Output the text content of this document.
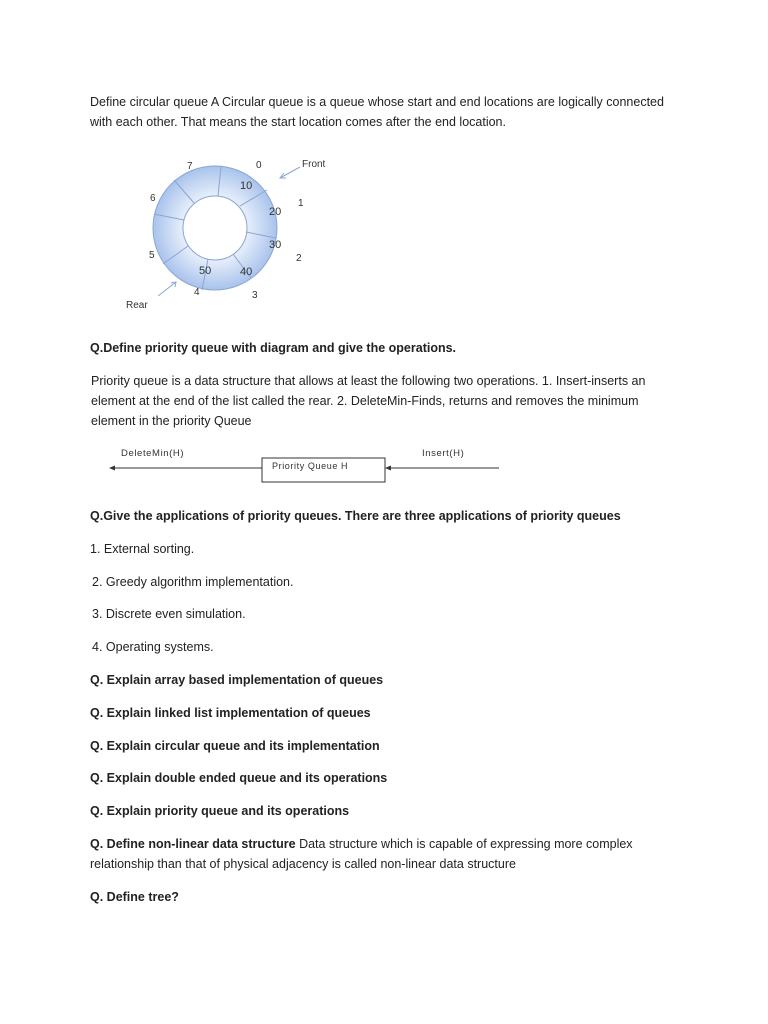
Define circular queue A Circular queue is a queue whose start and end locations are logically connected with each other. That means the start location comes after the end location.

0
1
2
3
4
5
6
7
10
20
30
40
50
Front
Rear

Q.Define priority queue with diagram and give the operations.

Priority queue is a data structure that allows at least the following two operations. 1. Insert-inserts an element at the end of the list called the rear. 2. DeleteMin-Finds, returns and removes the minimum element in the priority Queue

DeleteMin(H)	Insert(H)
Priority Queue H

Q.Give the applications of priority queues. There are three applications of priority queues

1. External sorting.

2. Greedy algorithm implementation.

3. Discrete even simulation.

4. Operating systems.

Q. Explain array based implementation of queues

Q. Explain linked list implementation of queues

Q. Explain circular queue and its implementation

Q. Explain double ended queue and its operations

Q. Explain priority queue and its operations

Q. Define non-linear data structure Data structure which is capable of expressing more complex relationship than that of physical adjacency is called non-linear data structure

Q. Define tree?
